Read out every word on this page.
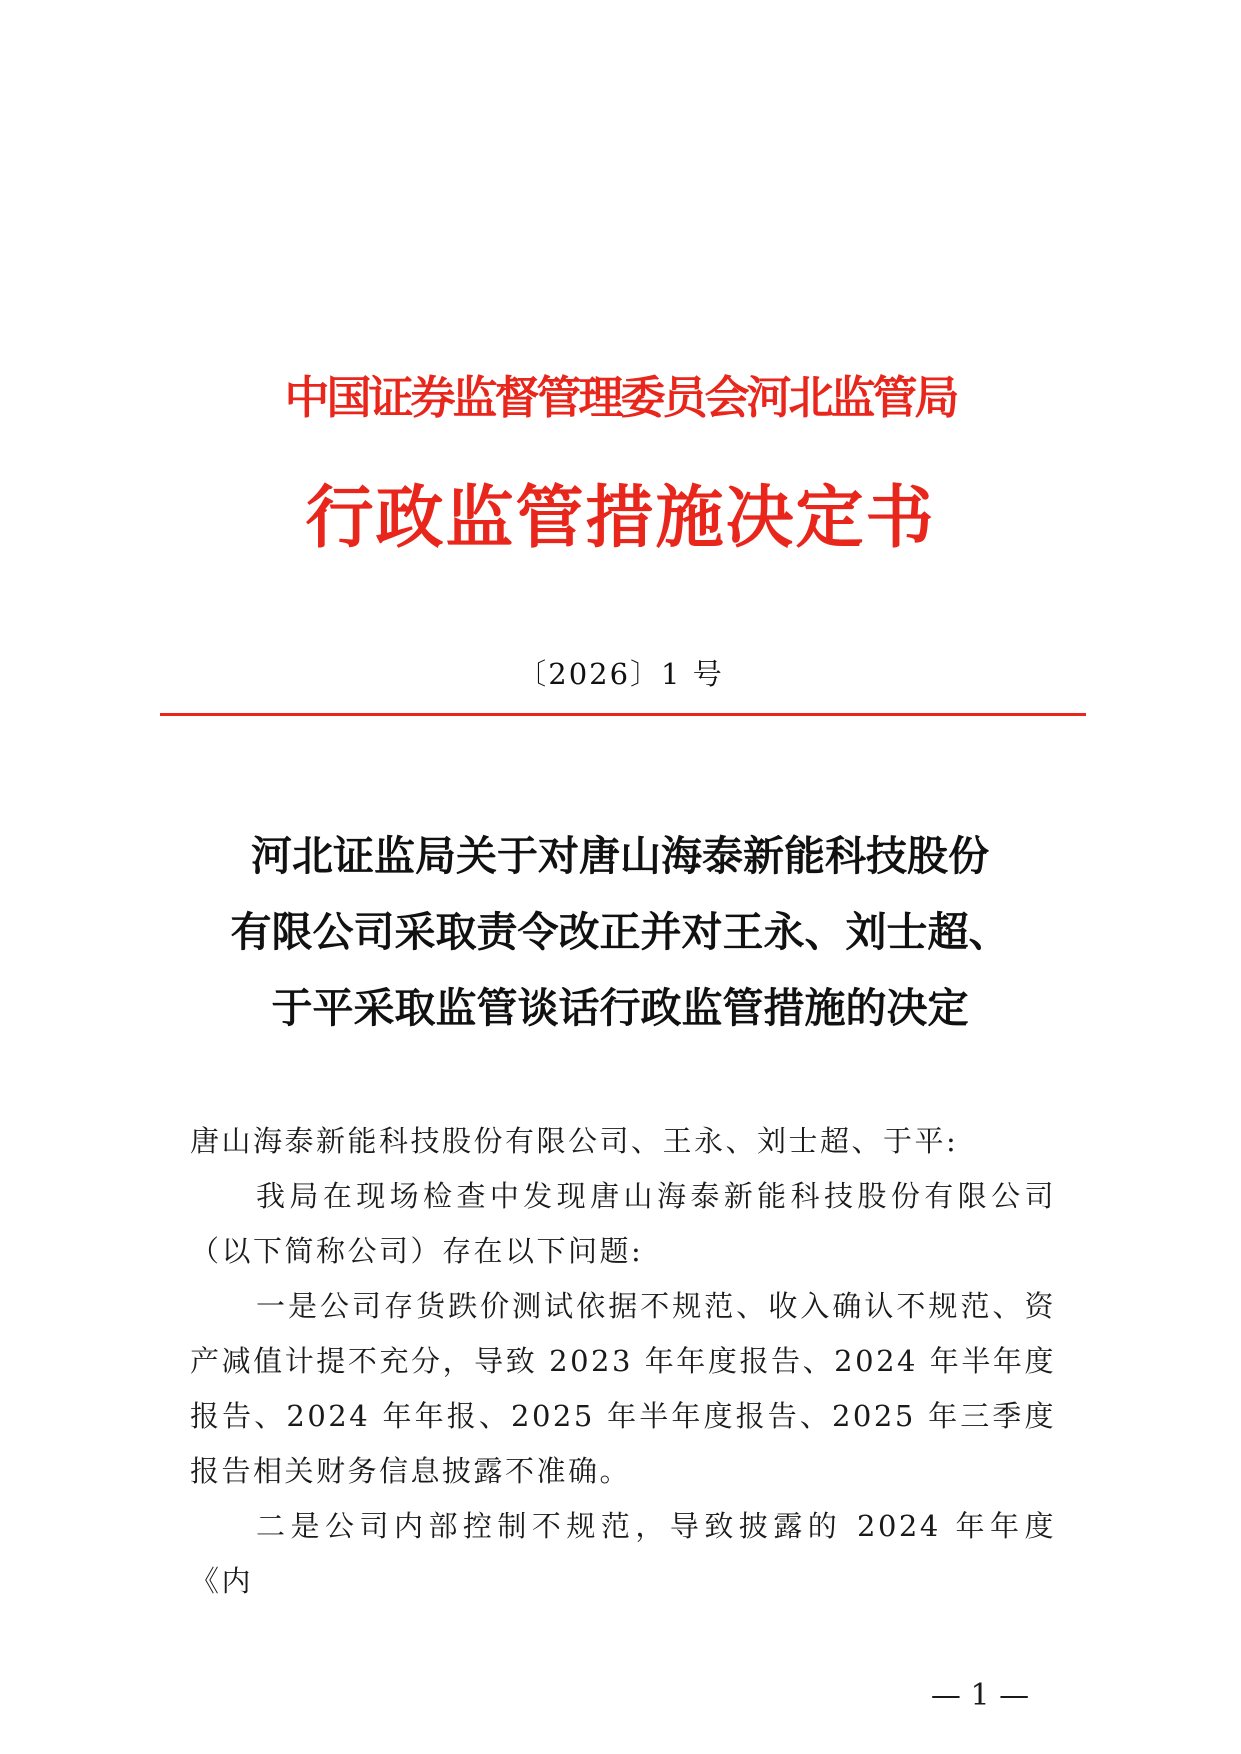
中国证券监督管理委员会河北监管局
行政监管措施决定书
〔2026〕1 号
河北证监局关于对唐山海泰新能科技股份
有限公司采取责令改正并对王永、刘士超、
于平采取监管谈话行政监管措施的决定

唐山海泰新能科技股份有限公司、王永、刘士超、于平:

我局在现场检查中发现唐山海泰新能科技股份有限公司（以下简称公司）存在以下问题:

一是公司存货跌价测试依据不规范、收入确认不规范、资产减值计提不充分，导致 2023 年年度报告、2024 年半年度报告、2024 年年报、2025 年半年度报告、2025 年三季度报告相关财务信息披露不准确。

二是公司内部控制不规范，导致披露的 2024 年年度《内

— 1 —
